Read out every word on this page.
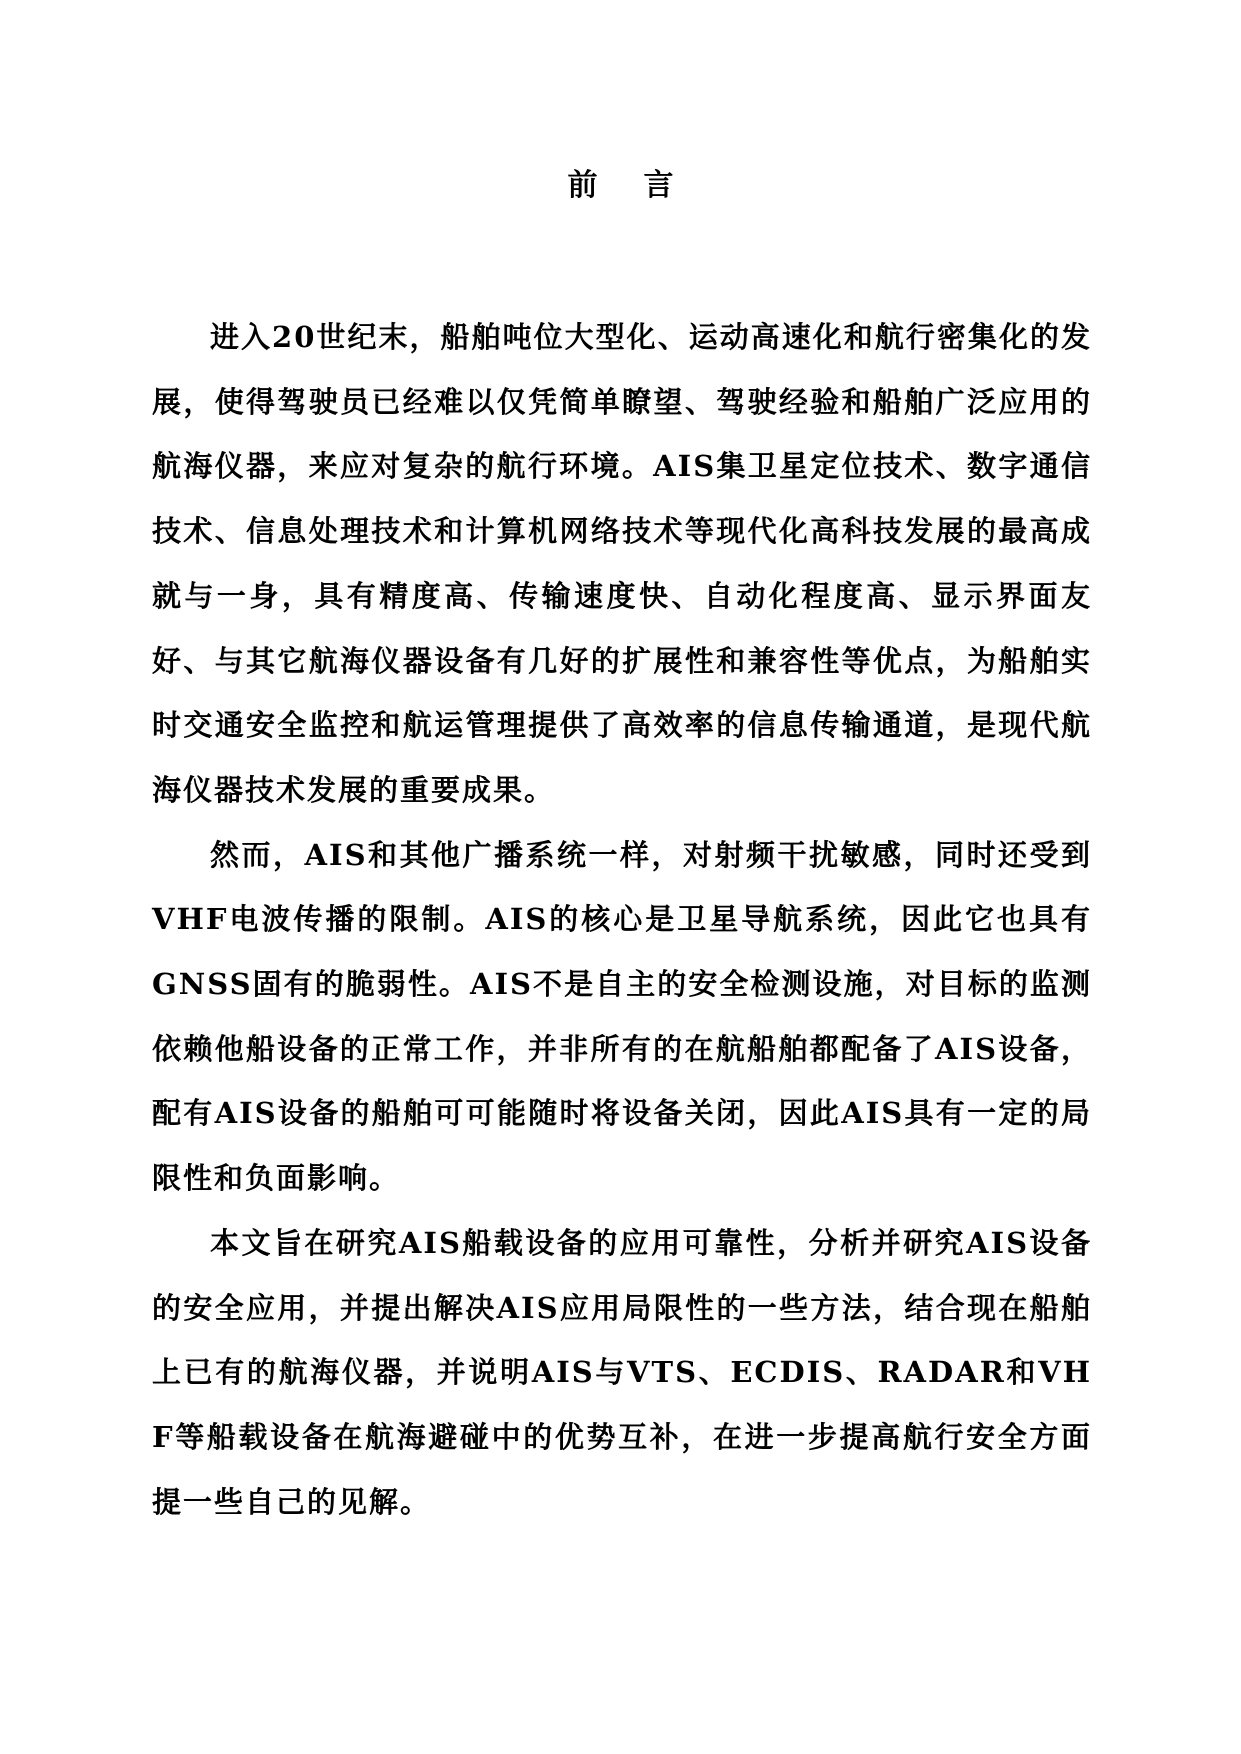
前 言

进入20世纪末，船舶吨位大型化、运动高速化和航行密集化的发展，使得驾驶员已经难以仅凭简单瞭望、驾驶经验和船舶广泛应用的航海仪器，来应对复杂的航行环境。AIS集卫星定位技术、数字通信技术、信息处理技术和计算机网络技术等现代化高科技发展的最高成就与一身，具有精度高、传输速度快、自动化程度高、显示界面友好、与其它航海仪器设备有几好的扩展性和兼容性等优点，为船舶实时交通安全监控和航运管理提供了高效率的信息传输通道，是现代航海仪器技术发展的重要成果。

然而，AIS和其他广播系统一样，对射频干扰敏感，同时还受到VHF电波传播的限制。AIS的核心是卫星导航系统，因此它也具有GNSS固有的脆弱性。AIS不是自主的安全检测设施，对目标的监测依赖他船设备的正常工作，并非所有的在航船舶都配备了AIS设备，配有AIS设备的船舶可可能随时将设备关闭，因此AIS具有一定的局限性和负面影响。

本文旨在研究AIS船载设备的应用可靠性，分析并研究AIS设备的安全应用，并提出解决AIS应用局限性的一些方法，结合现在船舶上已有的航海仪器，并说明AIS与VTS、ECDIS、RADAR和VHF等船载设备在航海避碰中的优势互补，在进一步提高航行安全方面提一些自己的见解。
